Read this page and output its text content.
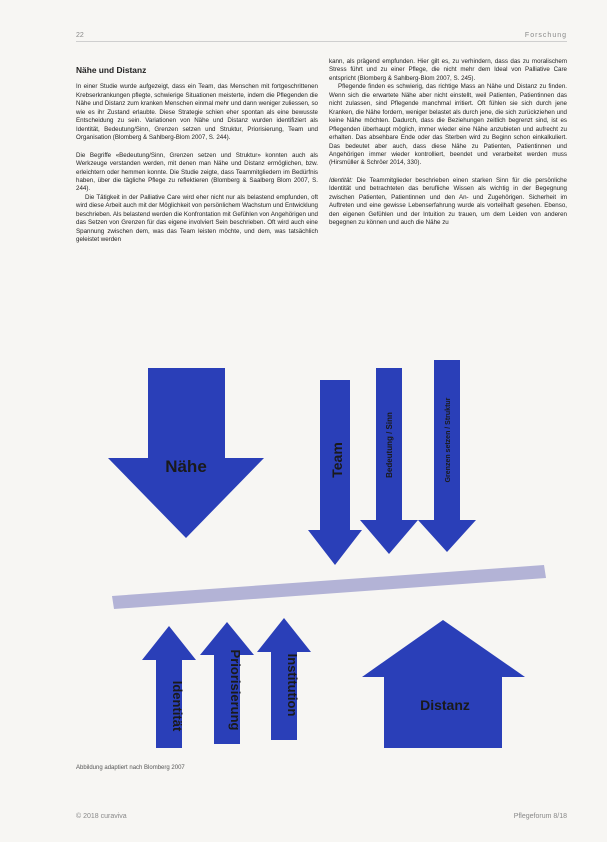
22	Forschung
Nähe und Distanz

In einer Studie wurde aufgezeigt, dass ein Team, das Menschen mit fortgeschrittenen Krebserkrankungen pflegte, schwierige Situationen meisterte, indem die Pflegenden die Nähe und Distanz zum kranken Menschen einmal mehr und dann weniger zuliessen, so wie es ihr Zustand erlaubte. Diese Strategie schien eher spontan als eine bewusste Entscheidung zu sein. Variationen von Nähe und Distanz wurden identifiziert als Identität, Bedeutung/Sinn, Grenzen setzen und Struktur, Priorisierung, Team und Organisation (Blomberg & Sahlberg-Blom 2007, S. 244).

Die Begriffe «Bedeutung/Sinn, Grenzen setzen und Struktur» konnten auch als Werkzeuge verstanden werden, mit denen man Nähe und Distanz ermöglichen, bzw. erleichtern oder hemmen konnte. Die Studie zeigte, dass Teammitgliedern im Bedürfnis haben, über die tägliche Pflege zu reflektieren (Blomberg & Saalberg Blom 2007, S. 244).

Die Tätigkeit in der Palliative Care wird eher nicht nur als belastend empfunden, oft wird diese Arbeit auch mit der Möglichkeit von persönlichem Wachstum und Entwicklung beschrieben. Als belastend werden die Konfrontation mit Gefühlen von Angehörigen und das Setzen von Grenzen für das eigene involviert Sein beschrieben. Oft wird auch eine Spannung zwischen dem, was das Team leisten möchte, und dem, was tatsächlich geleistet werden

kann, als prägend empfunden. Hier gilt es, zu verhindern, dass das zu moralischem Stress führt und zu einer Pflege, die nicht mehr dem Ideal von Palliative Care entspricht (Blomberg & Sahlberg-Blom 2007, S. 245).

Pflegende finden es schwierig, das richtige Mass an Nähe und Distanz zu finden. Wenn sich die erwartete Nähe aber nicht einstellt, weil Patienten, Patientinnen das nicht zulassen, sind Pflegende manchmal irritiert. Oft fühlen sie sich durch jene Kranken, die Nähe fordern, weniger belastet als durch jene, die sich zurückziehen und keine Nähe möchten. Dadurch, dass die Beziehungen zeitlich begrenzt sind, ist es Pflegenden überhaupt möglich, immer wieder eine Nähe anzubieten und aufrecht zu erhalten. Das absehbare Ende oder das Sterben wird zu Beginn schon einkalkuliert. Das bedeutet aber auch, dass diese Nähe zu Patienten, Patientinnen und Angehörigen immer wieder kontrolliert, beendet und verarbeitet werden muss (Hirsmüller & Schröer 2014, 330).

Identität: Die Teammitglieder beschrieben einen starken Sinn für die persönliche Identität und betrachteten das berufliche Wissen als wichtig in der Begegnung zwischen Patienten, Patientinnen und den An- und Zugehörigen. Sicherheit im Auftreten und eine gewisse Lebenserfahrung wurde als vorteilhaft gesehen. Ebenso, den eigenen Gefühlen und der Intuition zu trauen, um dem Leiden von anderen begegnen zu können und auch die Nähe zu

Nähe	Team	Bedeutung / Sinn	Grenzen setzen / Struktur
Identität	Priorisierung	Institution	Distanz
Abbildung adaptiert nach Blomberg 2007
© 2018 curaviva	Pflegeforum 8/18
